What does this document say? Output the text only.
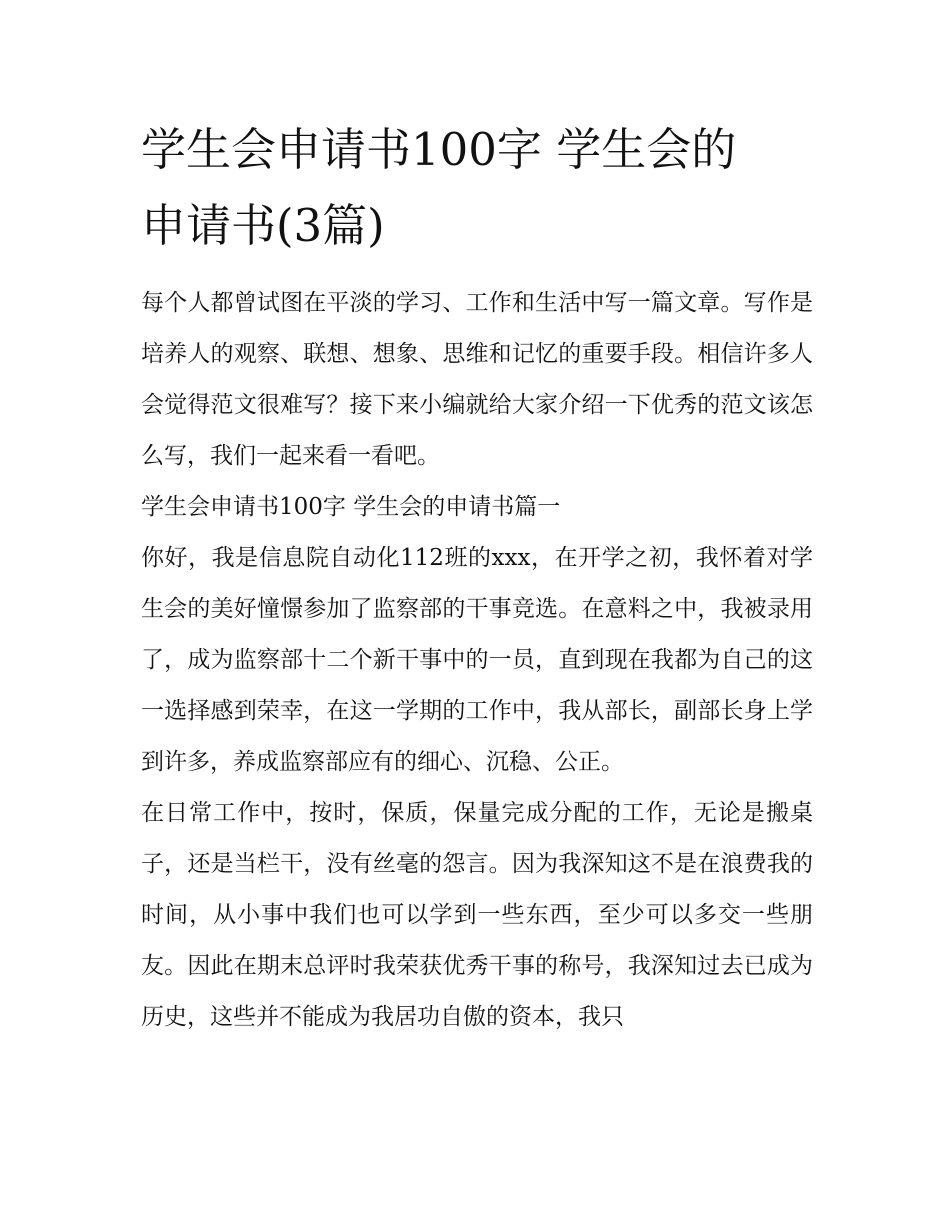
学生会申请书100字 学生会的
申请书(3篇)

每个人都曾试图在平淡的学习、工作和生活中写一篇文章。写作是培养人的观察、联想、想象、思维和记忆的重要手段。相信许多人会觉得范文很难写？接下来小编就给大家介绍一下优秀的范文该怎么写，我们一起来看一看吧。

学生会申请书100字 学生会的申请书篇一

你好，我是信息院自动化112班的xxx，在开学之初，我怀着对学生会的美好憧憬参加了监察部的干事竞选。在意料之中，我被录用了，成为监察部十二个新干事中的一员，直到现在我都为自己的这一选择感到荣幸，在这一学期的工作中，我从部长，副部长身上学到许多，养成监察部应有的细心、沉稳、公正。

在日常工作中，按时，保质，保量完成分配的工作，无论是搬桌子，还是当栏干，没有丝毫的怨言。因为我深知这不是在浪费我的时间，从小事中我们也可以学到一些东西，至少可以多交一些朋友。因此在期末总评时我荣获优秀干事的称号，我深知过去已成为历史，这些并不能成为我居功自傲的资本，我只
